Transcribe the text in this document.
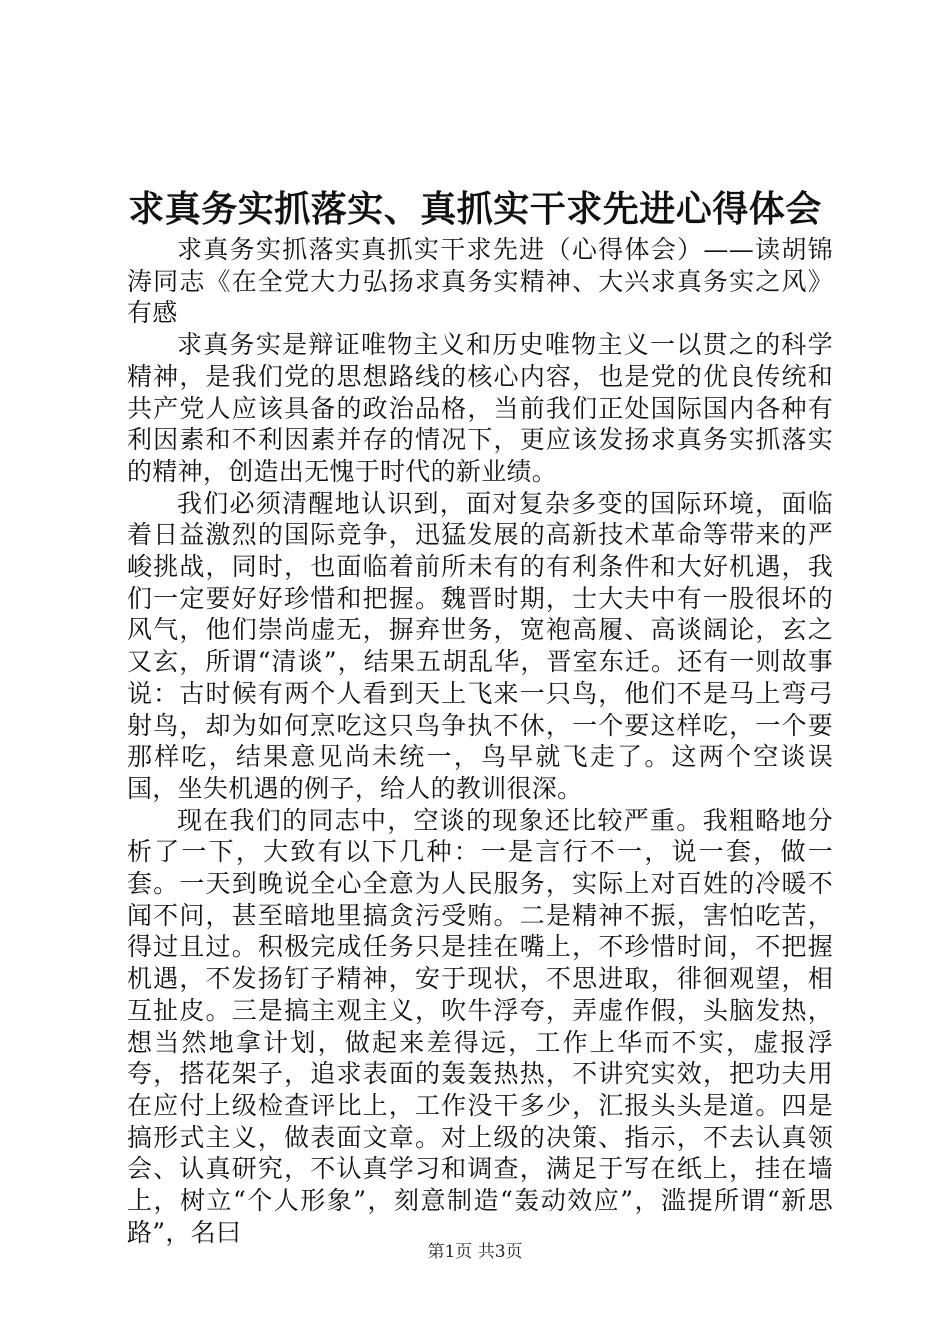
求真务实抓落实、真抓实干求先进心得体会

求真务实抓落实真抓实干求先进（心得体会）——读胡锦涛同志《在全党大力弘扬求真务实精神、大兴求真务实之风》有感

求真务实是辩证唯物主义和历史唯物主义一以贯之的科学精神，是我们党的思想路线的核心内容，也是党的优良传统和共产党人应该具备的政治品格，当前我们正处国际国内各种有利因素和不利因素并存的情况下，更应该发扬求真务实抓落实的精神，创造出无愧于时代的新业绩。

我们必须清醒地认识到，面对复杂多变的国际环境，面临着日益激烈的国际竞争，迅猛发展的高新技术革命等带来的严峻挑战，同时，也面临着前所未有的有利条件和大好机遇，我们一定要好好珍惜和把握。魏晋时期，士大夫中有一股很坏的风气，他们崇尚虚无，摒弃世务，宽袍高履、高谈阔论，玄之又玄，所谓“清谈”，结果五胡乱华，晋室东迁。还有一则故事说：古时候有两个人看到天上飞来一只鸟，他们不是马上弯弓射鸟，却为如何烹吃这只鸟争执不休，一个要这样吃，一个要那样吃，结果意见尚未统一，鸟早就飞走了。这两个空谈误国，坐失机遇的例子，给人的教训很深。

现在我们的同志中，空谈的现象还比较严重。我粗略地分析了一下，大致有以下几种：一是言行不一，说一套，做一套。一天到晚说全心全意为人民服务，实际上对百姓的冷暖不闻不问，甚至暗地里搞贪污受贿。二是精神不振，害怕吃苦，得过且过。积极完成任务只是挂在嘴上，不珍惜时间，不把握机遇，不发扬钉子精神，安于现状，不思进取，徘徊观望，相互扯皮。三是搞主观主义，吹牛浮夸，弄虚作假，头脑发热，想当然地拿计划，做起来差得远，工作上华而不实，虚报浮夸，搭花架子，追求表面的轰轰热热，不讲究实效，把功夫用在应付上级检查评比上，工作没干多少，汇报头头是道。四是搞形式主义，做表面文章。对上级的决策、指示，不去认真领会、认真研究，不认真学习和调查，满足于写在纸上，挂在墙上，树立“个人形象”，刻意制造“轰动效应”，滥提所谓“新思路”，名曰

第1页 共3页
